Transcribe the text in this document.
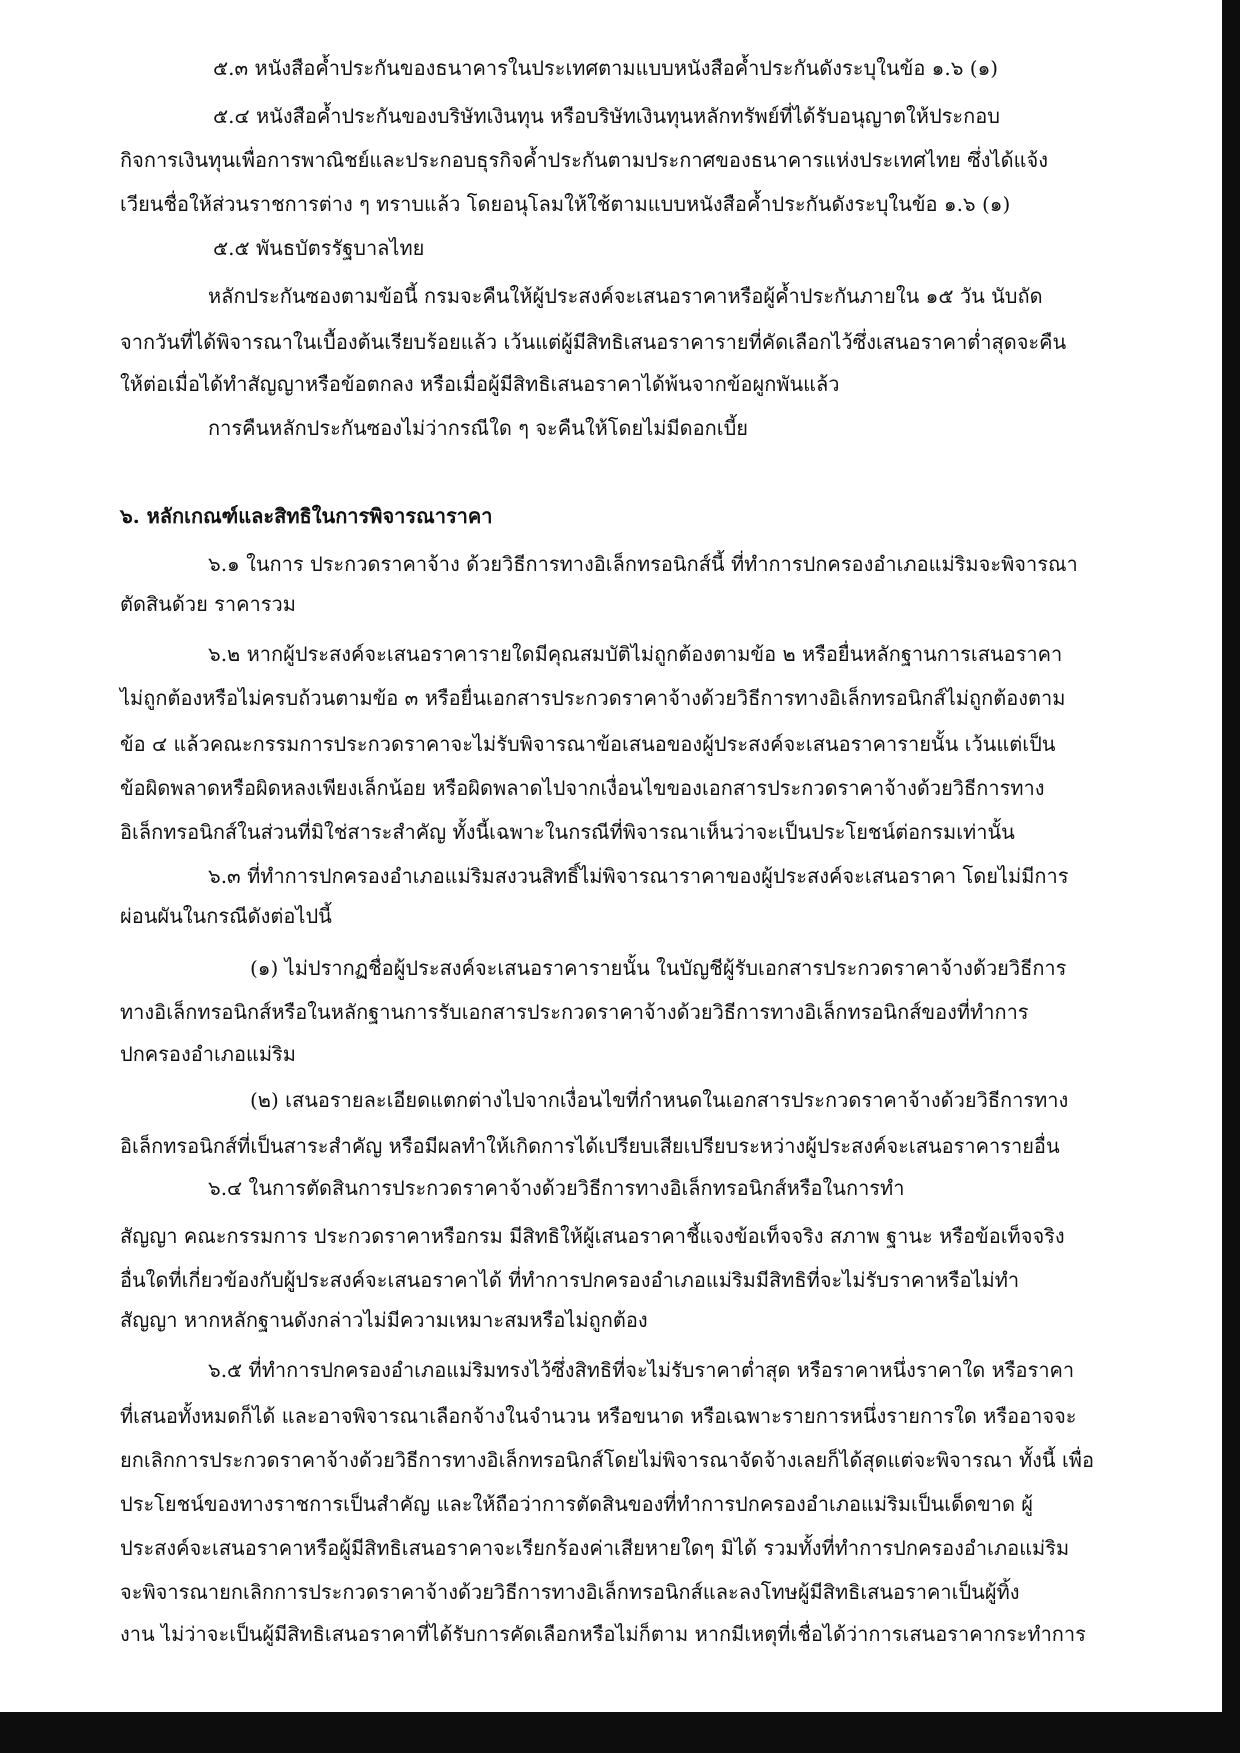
๕.๓ หนังสือค้ำประกันของธนาคารในประเทศตามแบบหนังสือค้ำประกันดังระบุในข้อ ๑.๖ (๑)
๕.๔ หนังสือค้ำประกันของบริษัทเงินทุน หรือบริษัทเงินทุนหลักทรัพย์ที่ได้รับอนุญาตให้ประกอบ
กิจการเงินทุนเพื่อการพาณิชย์และประกอบธุรกิจค้ำประกันตามประกาศของธนาคารแห่งประเทศไทย ซึ่งได้แจ้ง
เวียนชื่อให้ส่วนราชการต่าง ๆ ทราบแล้ว โดยอนุโลมให้ใช้ตามแบบหนังสือค้ำประกันดังระบุในข้อ ๑.๖ (๑)
๕.๕ พันธบัตรรัฐบาลไทย
หลักประกันซองตามข้อนี้ กรมจะคืนให้ผู้ประสงค์จะเสนอราคาหรือผู้ค้ำประกันภายใน ๑๕ วัน นับถัด
จากวันที่ได้พิจารณาในเบื้องต้นเรียบร้อยแล้ว เว้นแต่ผู้มีสิทธิเสนอราคารายที่คัดเลือกไว้ซึ่งเสนอราคาต่ำสุดจะคืน
ให้ต่อเมื่อได้ทำสัญญาหรือข้อตกลง หรือเมื่อผู้มีสิทธิเสนอราคาได้พ้นจากข้อผูกพันแล้ว
การคืนหลักประกันซองไม่ว่ากรณีใด ๆ จะคืนให้โดยไม่มีดอกเบี้ย
๖. หลักเกณฑ์และสิทธิในการพิจารณาราคา
๖.๑ ในการ ประกวดราคาจ้าง ด้วยวิธีการทางอิเล็กทรอนิกส์นี้ ที่ทำการปกครองอำเภอแม่ริมจะพิจารณา
ตัดสินด้วย ราคารวม
๖.๒ หากผู้ประสงค์จะเสนอราคารายใดมีคุณสมบัติไม่ถูกต้องตามข้อ ๒ หรือยื่นหลักฐานการเสนอราคา
ไม่ถูกต้องหรือไม่ครบถ้วนตามข้อ ๓ หรือยื่นเอกสารประกวดราคาจ้างด้วยวิธีการทางอิเล็กทรอนิกส์ไม่ถูกต้องตาม
ข้อ ๔ แล้วคณะกรรมการประกวดราคาจะไม่รับพิจารณาข้อเสนอของผู้ประสงค์จะเสนอราคารายนั้น เว้นแต่เป็น
ข้อผิดพลาดหรือผิดหลงเพียงเล็กน้อย หรือผิดพลาดไปจากเงื่อนไขของเอกสารประกวดราคาจ้างด้วยวิธีการทาง
อิเล็กทรอนิกส์ในส่วนที่มิใช่สาระสำคัญ ทั้งนี้เฉพาะในกรณีที่พิจารณาเห็นว่าจะเป็นประโยชน์ต่อกรมเท่านั้น
๖.๓ ที่ทำการปกครองอำเภอแม่ริมสงวนสิทธิ์ไม่พิจารณาราคาของผู้ประสงค์จะเสนอราคา โดยไม่มีการ
ผ่อนผันในกรณีดังต่อไปนี้
(๑) ไม่ปรากฏชื่อผู้ประสงค์จะเสนอราคารายนั้น ในบัญชีผู้รับเอกสารประกวดราคาจ้างด้วยวิธีการ
ทางอิเล็กทรอนิกส์หรือในหลักฐานการรับเอกสารประกวดราคาจ้างด้วยวิธีการทางอิเล็กทรอนิกส์ของที่ทำการ
ปกครองอำเภอแม่ริม
(๒) เสนอรายละเอียดแตกต่างไปจากเงื่อนไขที่กำหนดในเอกสารประกวดราคาจ้างด้วยวิธีการทาง
อิเล็กทรอนิกส์ที่เป็นสาระสำคัญ หรือมีผลทำให้เกิดการได้เปรียบเสียเปรียบระหว่างผู้ประสงค์จะเสนอราคารายอื่น
๖.๔ ในการตัดสินการประกวดราคาจ้างด้วยวิธีการทางอิเล็กทรอนิกส์หรือในการทำ
สัญญา คณะกรรมการ ประกวดราคาหรือกรม มีสิทธิให้ผู้เสนอราคาชี้แจงข้อเท็จจริง สภาพ ฐานะ หรือข้อเท็จจริง
อื่นใดที่เกี่ยวข้องกับผู้ประสงค์จะเสนอราคาได้ ที่ทำการปกครองอำเภอแม่ริมมีสิทธิที่จะไม่รับราคาหรือไม่ทำ
สัญญา หากหลักฐานดังกล่าวไม่มีความเหมาะสมหรือไม่ถูกต้อง
๖.๕ ที่ทำการปกครองอำเภอแม่ริมทรงไว้ซึ่งสิทธิที่จะไม่รับราคาต่ำสุด หรือราคาหนึ่งราคาใด หรือราคา
ที่เสนอทั้งหมดก็ได้ และอาจพิจารณาเลือกจ้างในจำนวน หรือขนาด หรือเฉพาะรายการหนึ่งรายการใด หรืออาจจะ
ยกเลิกการประกวดราคาจ้างด้วยวิธีการทางอิเล็กทรอนิกส์โดยไม่พิจารณาจัดจ้างเลยก็ได้สุดแต่จะพิจารณา ทั้งนี้ เพื่อ
ประโยชน์ของทางราชการเป็นสำคัญ และให้ถือว่าการตัดสินของที่ทำการปกครองอำเภอแม่ริมเป็นเด็ดขาด ผู้
ประสงค์จะเสนอราคาหรือผู้มีสิทธิเสนอราคาจะเรียกร้องค่าเสียหายใดๆ มิได้ รวมทั้งที่ทำการปกครองอำเภอแม่ริม
จะพิจารณายกเลิกการประกวดราคาจ้างด้วยวิธีการทางอิเล็กทรอนิกส์และลงโทษผู้มีสิทธิเสนอราคาเป็นผู้ทิ้ง
งาน ไม่ว่าจะเป็นผู้มีสิทธิเสนอราคาที่ได้รับการคัดเลือกหรือไม่ก็ตาม หากมีเหตุที่เชื่อได้ว่าการเสนอราคากระทำการ
